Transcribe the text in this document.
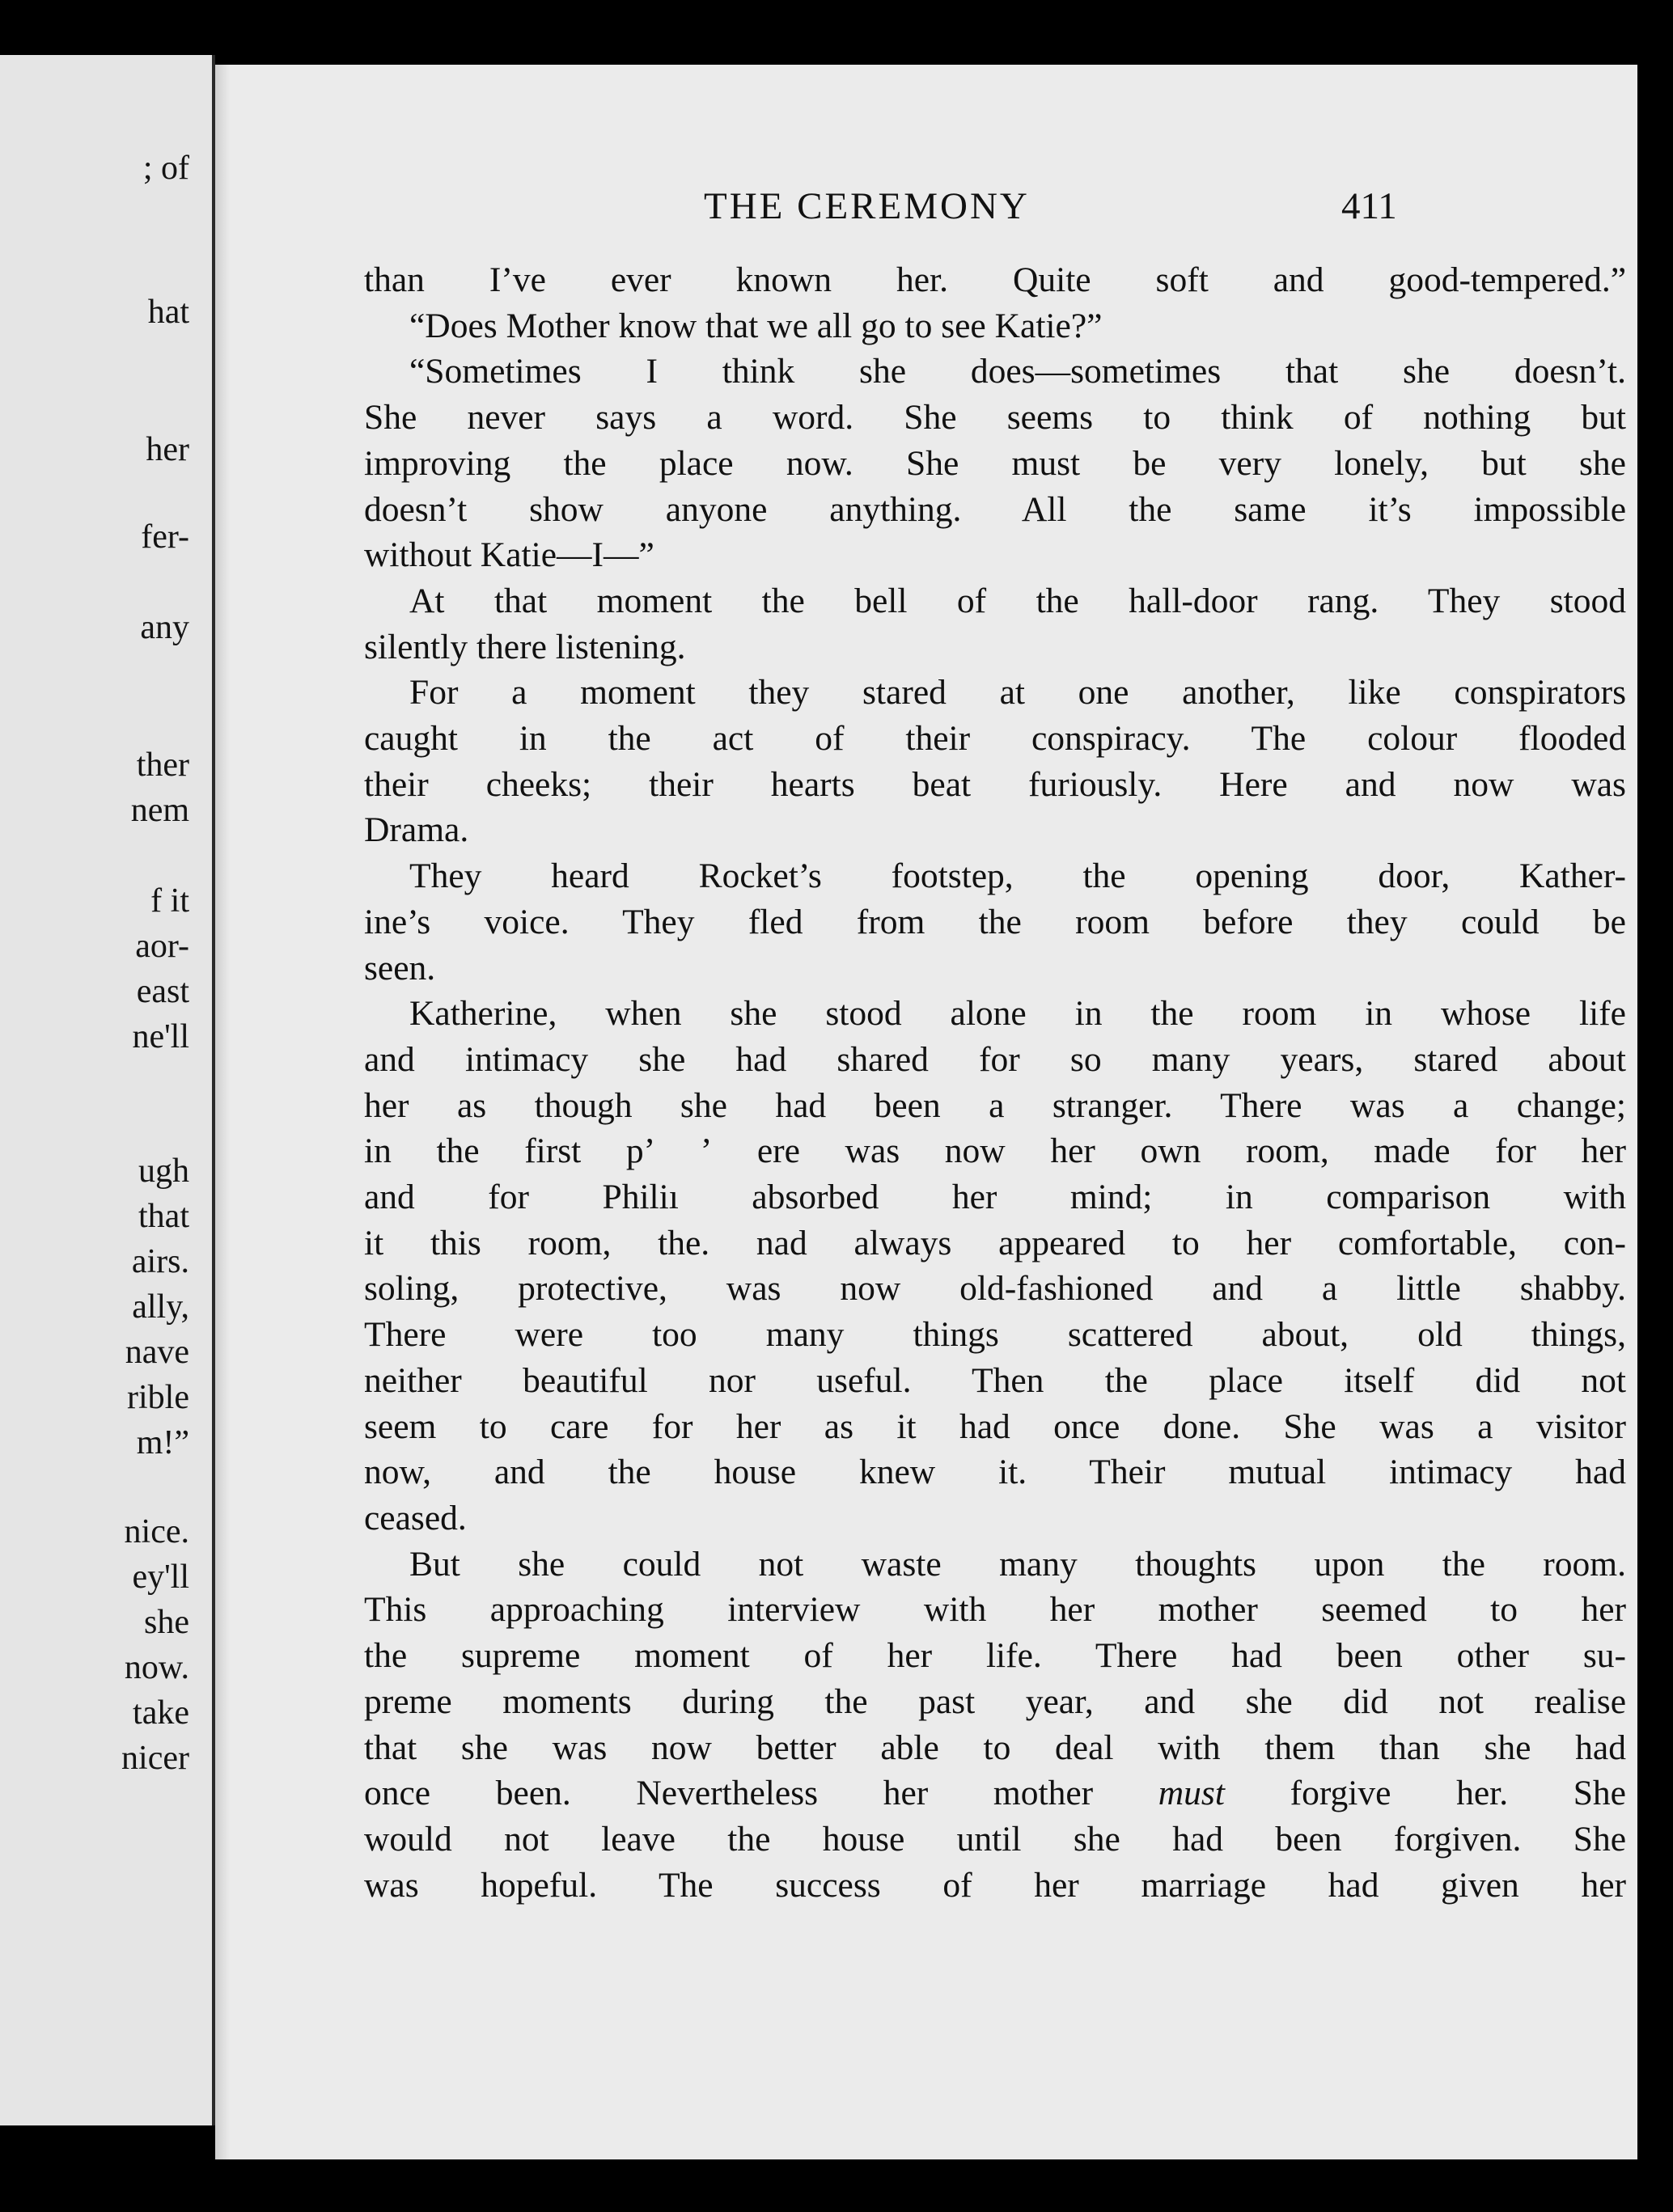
; of
hat
her
fer-
any
ther
nem
f it
aor-
east
ne'll
ugh
that
airs.
ally,
nave
rible
m!”
nice.
ey'll
she
now.
take
nicer
THE CEREMONY	411
than I’ve ever known her. Quite soft and good-tempered.”
“Does Mother know that we all go to see Katie?”
“Sometimes I think she does—sometimes that she doesn’t.
She never says a word. She seems to think of nothing but
improving the place now. She must be very lonely, but she
doesn’t show anyone anything. All the same it’s impossible
without Katie—I—”
At that moment the bell of the hall-door rang. They stood
silently there listening.
For a moment they stared at one another, like conspirators
caught in the act of their conspiracy. The colour flooded
their cheeks; their hearts beat furiously. Here and now was
Drama.
They heard Rocket’s footstep, the opening door, Kather-
ine’s voice. They fled from the room before they could be
seen.
Katherine, when she stood alone in the room in whose life
and intimacy she had shared for so many years, stared about
her as though she had been a stranger. There was a change;
in the first pʼ ʼ ere was now her own room, made for her
and for Philiı absorbed her mind; in comparison with
it this room, the. nad always appeared to her comfortable, con-
soling, protective, was now old-fashioned and a little shabby.
There were too many things scattered about, old things,
neither beautiful nor useful. Then the place itself did not
seem to care for her as it had once done. She was a visitor
now, and the house knew it. Their mutual intimacy had
ceased.
But she could not waste many thoughts upon the room.
This approaching interview with her mother seemed to her
the supreme moment of her life. There had been other su-
preme moments during the past year, and she did not realise
that she was now better able to deal with them than she had
once been. Nevertheless her mother must forgive her. She
would not leave the house until she had been forgiven. She
was hopeful. The success of her marriage had given her
